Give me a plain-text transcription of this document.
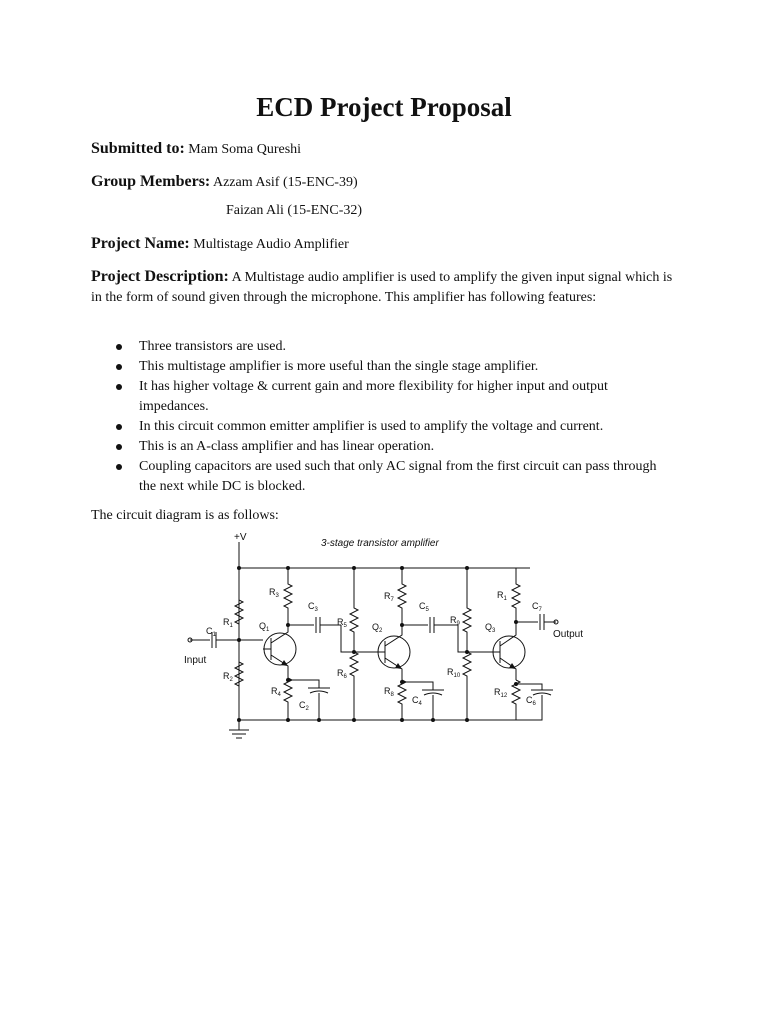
ECD Project Proposal
Submitted to: Mam Soma Qureshi
Group Members: Azzam Asif (15-ENC-39)
Faizan Ali (15-ENC-32)
Project Name: Multistage Audio Amplifier
Project Description: A Multistage audio amplifier is used to amplify the given input signal which is in the form of sound given through the microphone. This amplifier has following features:
Three transistors are used.
This multistage amplifier is more useful than the single stage amplifier.
It has higher voltage & current gain and more flexibility for higher input and output impedances.
In this circuit common emitter amplifier is used to amplify the voltage and current.
This is an A-class amplifier and has linear operation.
Coupling capacitors are used such that only AC signal from the first circuit can pass through the next while DC is blocked.
The circuit diagram is as follows:
3-stage transistor amplifier
+V
Input
Output
$R_1$
$R_2$
$R_3$
$R_4$
$R_5$
$R_6$
$R_7$
$R_8$
$R_9$
$R_{10}$
$R_1$
$R_{12}$
$C_1$
$C_2$
$C_3$
$C_4$
$C_5$
$C_6$
$C_7$
$Q_1$	$Q_2$	$Q_3$
